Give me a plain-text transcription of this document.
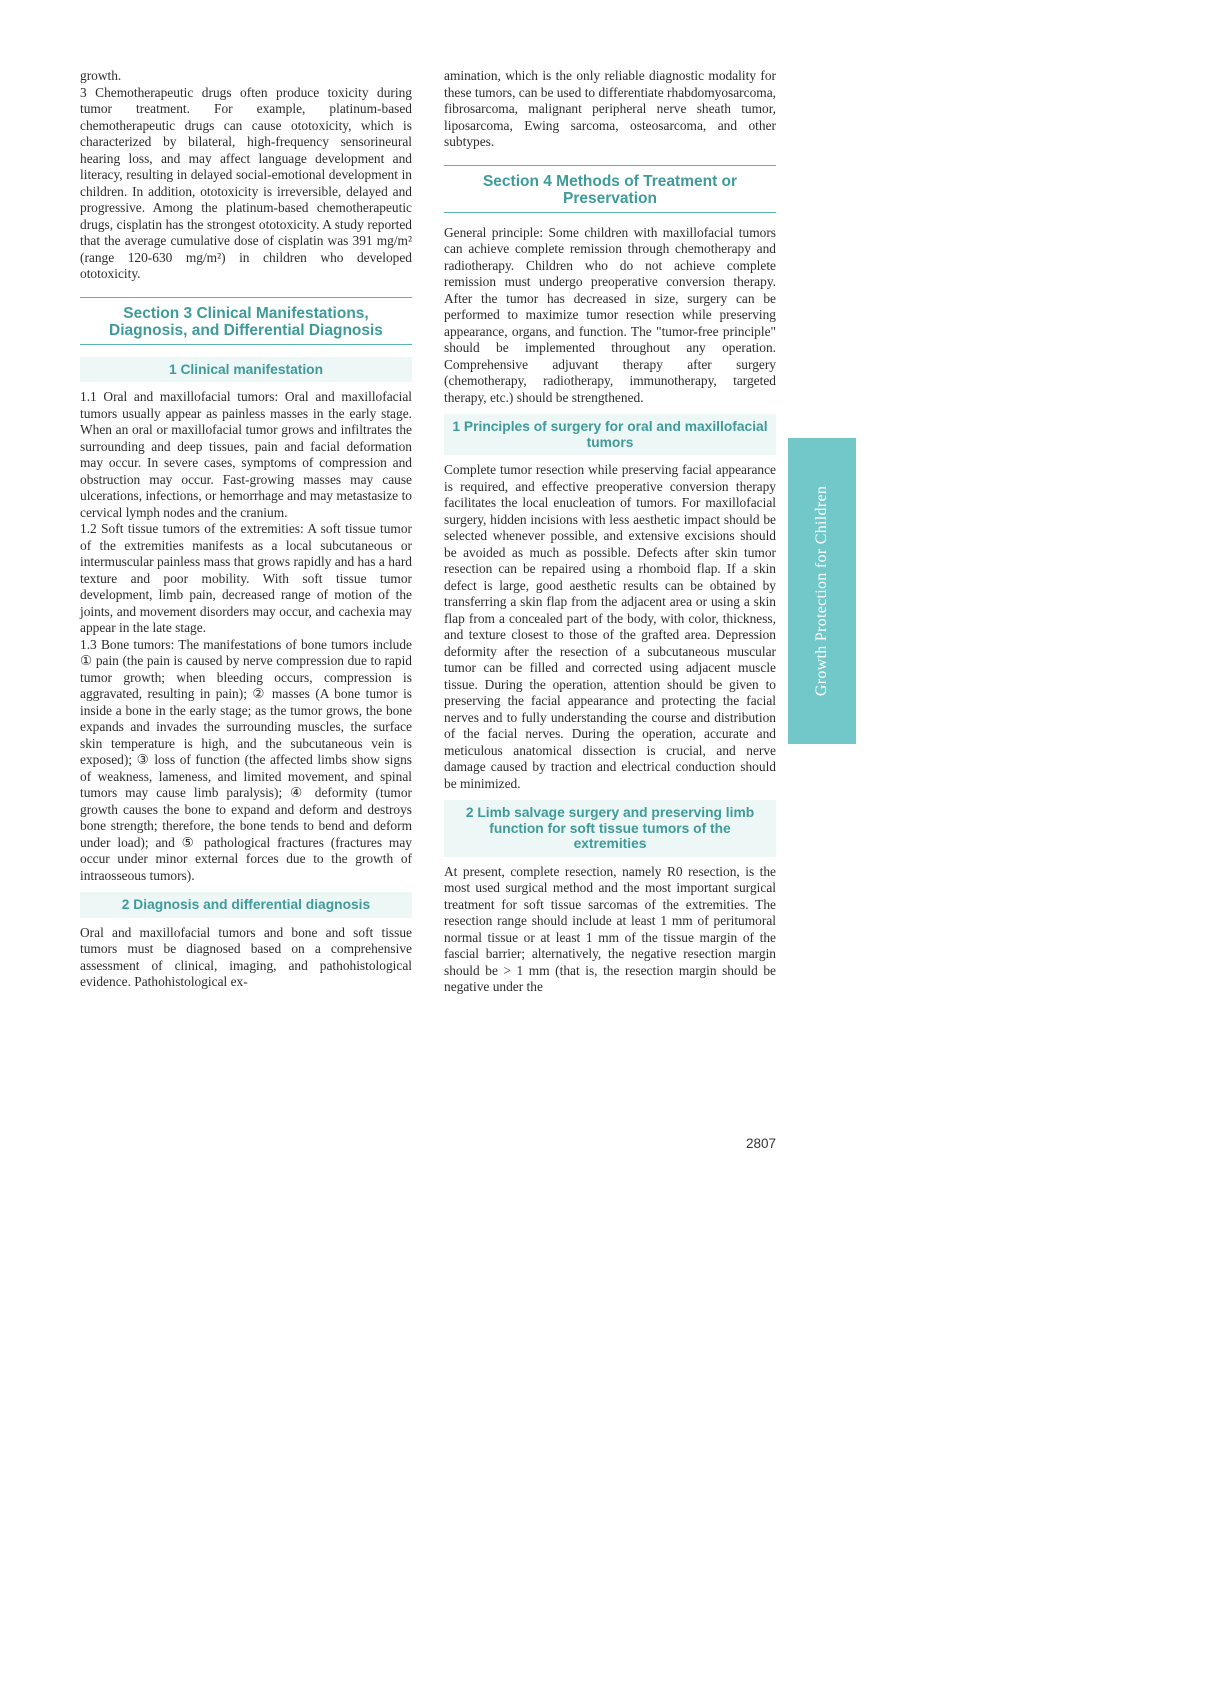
growth.

3 Chemotherapeutic drugs often produce toxicity during tumor treatment. For example, platinum-based chemotherapeutic drugs can cause ototoxicity, which is characterized by bilateral, high-frequency sensorineural hearing loss, and may affect language development and literacy, resulting in delayed social-emotional development in children. In addition, ototoxicity is irreversible, delayed and progressive. Among the platinum-based chemotherapeutic drugs, cisplatin has the strongest ototoxicity. A study reported that the average cumulative dose of cisplatin was 391 mg/m² (range 120-630 mg/m²) in children who developed ototoxicity.

Section 3 Clinical Manifestations, Diagnosis, and Differential Diagnosis
1 Clinical manifestation

1.1 Oral and maxillofacial tumors: Oral and maxillofacial tumors usually appear as painless masses in the early stage. When an oral or maxillofacial tumor grows and infiltrates the surrounding and deep tissues, pain and facial deformation may occur. In severe cases, symptoms of compression and obstruction may occur. Fast-growing masses may cause ulcerations, infections, or hemorrhage and may metastasize to cervical lymph nodes and the cranium.

1.2 Soft tissue tumors of the extremities: A soft tissue tumor of the extremities manifests as a local subcutaneous or intermuscular painless mass that grows rapidly and has a hard texture and poor mobility. With soft tissue tumor development, limb pain, decreased range of motion of the joints, and movement disorders may occur, and cachexia may appear in the late stage.

1.3 Bone tumors: The manifestations of bone tumors include ① pain (the pain is caused by nerve compression due to rapid tumor growth; when bleeding occurs, compression is aggravated, resulting in pain); ② masses (A bone tumor is inside a bone in the early stage; as the tumor grows, the bone expands and invades the surrounding muscles, the surface skin temperature is high, and the subcutaneous vein is exposed); ③ loss of function (the affected limbs show signs of weakness, lameness, and limited movement, and spinal tumors may cause limb paralysis); ④ deformity (tumor growth causes the bone to expand and deform and destroys bone strength; therefore, the bone tends to bend and deform under load); and ⑤ pathological fractures (fractures may occur under minor external forces due to the growth of intraosseous tumors).

2 Diagnosis and differential diagnosis

Oral and maxillofacial tumors and bone and soft tissue tumors must be diagnosed based on a comprehensive assessment of clinical, imaging, and pathohistological evidence. Pathohistological ex-

amination, which is the only reliable diagnostic modality for these tumors, can be used to differentiate rhabdomyosarcoma, fibrosarcoma, malignant peripheral nerve sheath tumor, liposarcoma, Ewing sarcoma, osteosarcoma, and other subtypes.

Section 4 Methods of Treatment or Preservation

General principle: Some children with maxillofacial tumors can achieve complete remission through chemotherapy and radiotherapy. Children who do not achieve complete remission must undergo preoperative conversion therapy. After the tumor has decreased in size, surgery can be performed to maximize tumor resection while preserving appearance, organs, and function. The "tumor-free principle" should be implemented throughout any operation. Comprehensive adjuvant therapy after surgery (chemotherapy, radiotherapy, immunotherapy, targeted therapy, etc.) should be strengthened.

1 Principles of surgery for oral and maxillofacial tumors

Complete tumor resection while preserving facial appearance is required, and effective preoperative conversion therapy facilitates the local enucleation of tumors. For maxillofacial surgery, hidden incisions with less aesthetic impact should be selected whenever possible, and extensive excisions should be avoided as much as possible. Defects after skin tumor resection can be repaired using a rhomboid flap. If a skin defect is large, good aesthetic results can be obtained by transferring a skin flap from the adjacent area or using a skin flap from a concealed part of the body, with color, thickness, and texture closest to those of the grafted area. Depression deformity after the resection of a subcutaneous muscular tumor can be filled and corrected using adjacent muscle tissue. During the operation, attention should be given to preserving the facial appearance and protecting the facial nerves and to fully understanding the course and distribution of the facial nerves. During the operation, accurate and meticulous anatomical dissection is crucial, and nerve damage caused by traction and electrical conduction should be minimized.

2 Limb salvage surgery and preserving limb function for soft tissue tumors of the extremities

At present, complete resection, namely R0 resection, is the most used surgical method and the most important surgical treatment for soft tissue sarcomas of the extremities. The resection range should include at least 1 mm of peritumoral normal tissue or at least 1 mm of the tissue margin of the fascial barrier; alternatively, the negative resection margin should be > 1 mm (that is, the resection margin should be negative under the

Growth Protection for Children
2807
